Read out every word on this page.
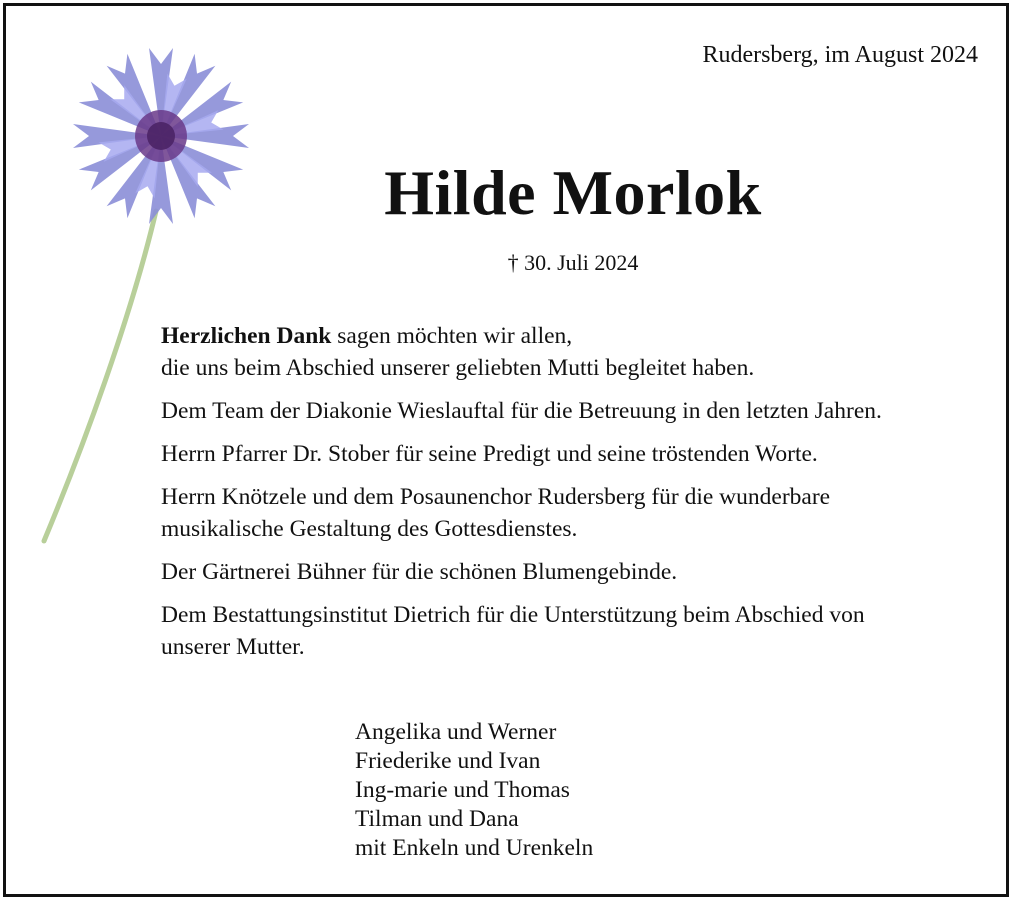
Rudersberg, im August 2024
Hilde Morlok
† 30. Juli 2024

Herzlichen Dank sagen möchten wir allen,
die uns beim Abschied unserer geliebten Mutti begleitet haben.

Dem Team der Diakonie Wieslauftal für die Betreuung in den letzten Jahren.

Herrn Pfarrer Dr. Stober für seine Predigt und seine tröstenden Worte.

Herrn Knötzele und dem Posaunenchor Rudersberg für die wunderbare
musikalische Gestaltung des Gottesdienstes.

Der Gärtnerei Bühner für die schönen Blumengebinde.

Dem Bestattungsinstitut Dietrich für die Unterstützung beim Abschied von
unserer Mutter.

Angelika und Werner
Friederike und Ivan
Ing-marie und Thomas
Tilman und Dana
mit Enkeln und Urenkeln
